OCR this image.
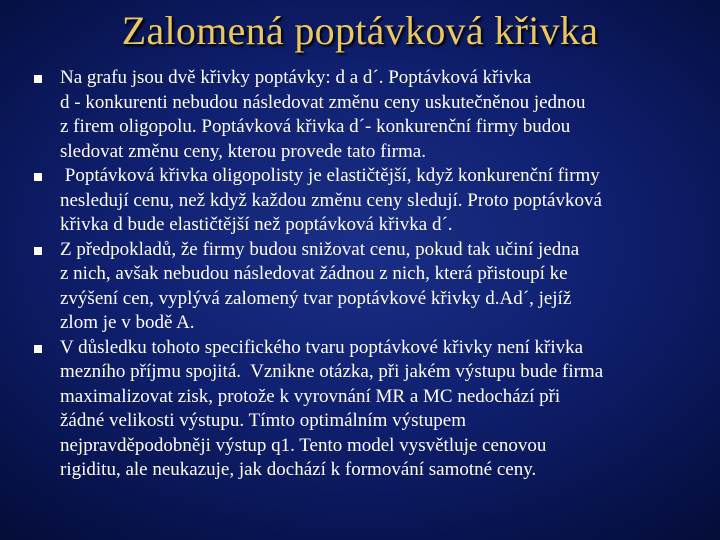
Zalomená poptávková křivka
Na grafu jsou dvě křivky poptávky: d a d´. Poptávková křivka
d - konkurenti nebudou následovat změnu ceny uskutečněnou jednou
z firem oligopolu. Poptávková křivka d´- konkurenční firmy budou
sledovat změnu ceny, kterou provede tato firma.
Poptávková křivka oligopolisty je elastičtější, když konkurenční firmy
nesledují cenu, než když každou změnu ceny sledují. Proto poptávková
křivka d bude elastičtější než poptávková křivka d´.
Z předpokladů, že firmy budou snižovat cenu, pokud tak učiní jedna
z nich, avšak nebudou následovat žádnou z nich, která přistoupí ke
zvýšení cen, vyplývá zalomený tvar poptávkové křivky d.Ad´, jejíž
zlom je v bodě A.
V důsledku tohoto specifického tvaru poptávkové křivky není křivka
mezního příjmu spojitá.  Vznikne otázka, při jakém výstupu bude firma
maximalizovat zisk, protože k vyrovnání MR a MC nedochází při
žádné velikosti výstupu. Tímto optimálním výstupem
nejpravděpodobněji výstup q1. Tento model vysvětluje cenovou
rigiditu, ale neukazuje, jak dochází k formování samotné ceny.
